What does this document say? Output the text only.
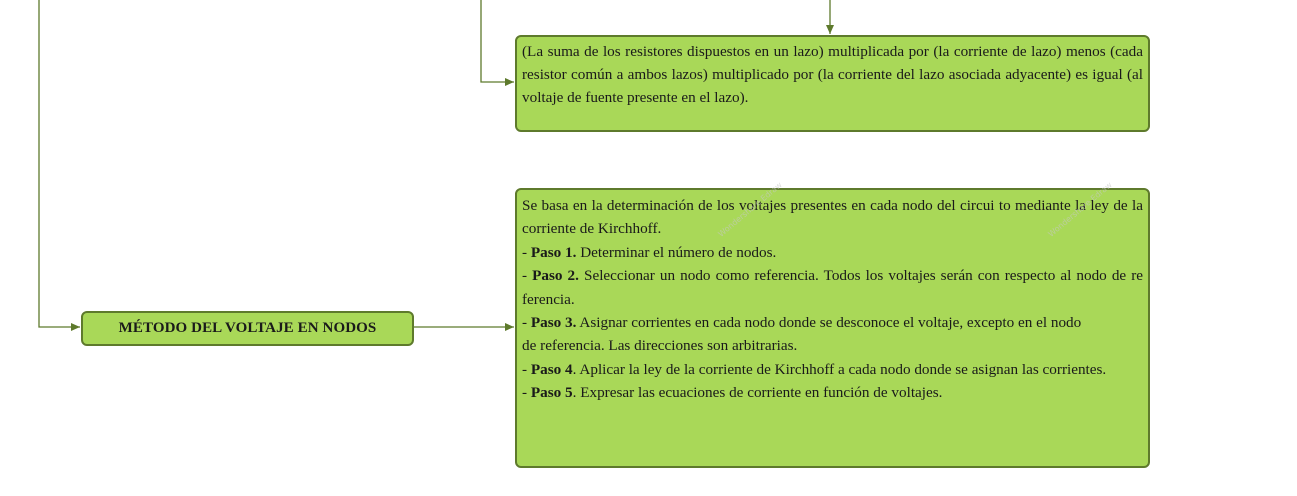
(La suma de los resistores dispuestos en un lazo) multiplicada por (la corriente de lazo) menos (cada resistor común a ambos lazos) multiplicado por (la corriente del lazo asociada adyacente) es igual (al voltaje de fuente presente en el lazo).

MÉTODO DEL VOLTAJE EN NODOS

Se basa en la determinación de los voltajes presentes en cada nodo del circui to mediante la ley de la corriente de Kirchhoff.

- Paso 1. Determinar el número de nodos.

- Paso 2. Seleccionar un nodo como referencia. Todos los voltajes serán con respecto al nodo de re ferencia.

- Paso 3. Asignar corrientes en cada nodo donde se desconoce el voltaje, excepto en el nodo

de referencia. Las direcciones son arbitrarias.

- Paso 4. Aplicar la ley de la corriente de Kirchhoff a cada nodo donde se asignan las corrientes.

- Paso 5. Expresar las ecuaciones de corriente en función de voltajes.

Wondershare Edraw	Wondershare Edraw
